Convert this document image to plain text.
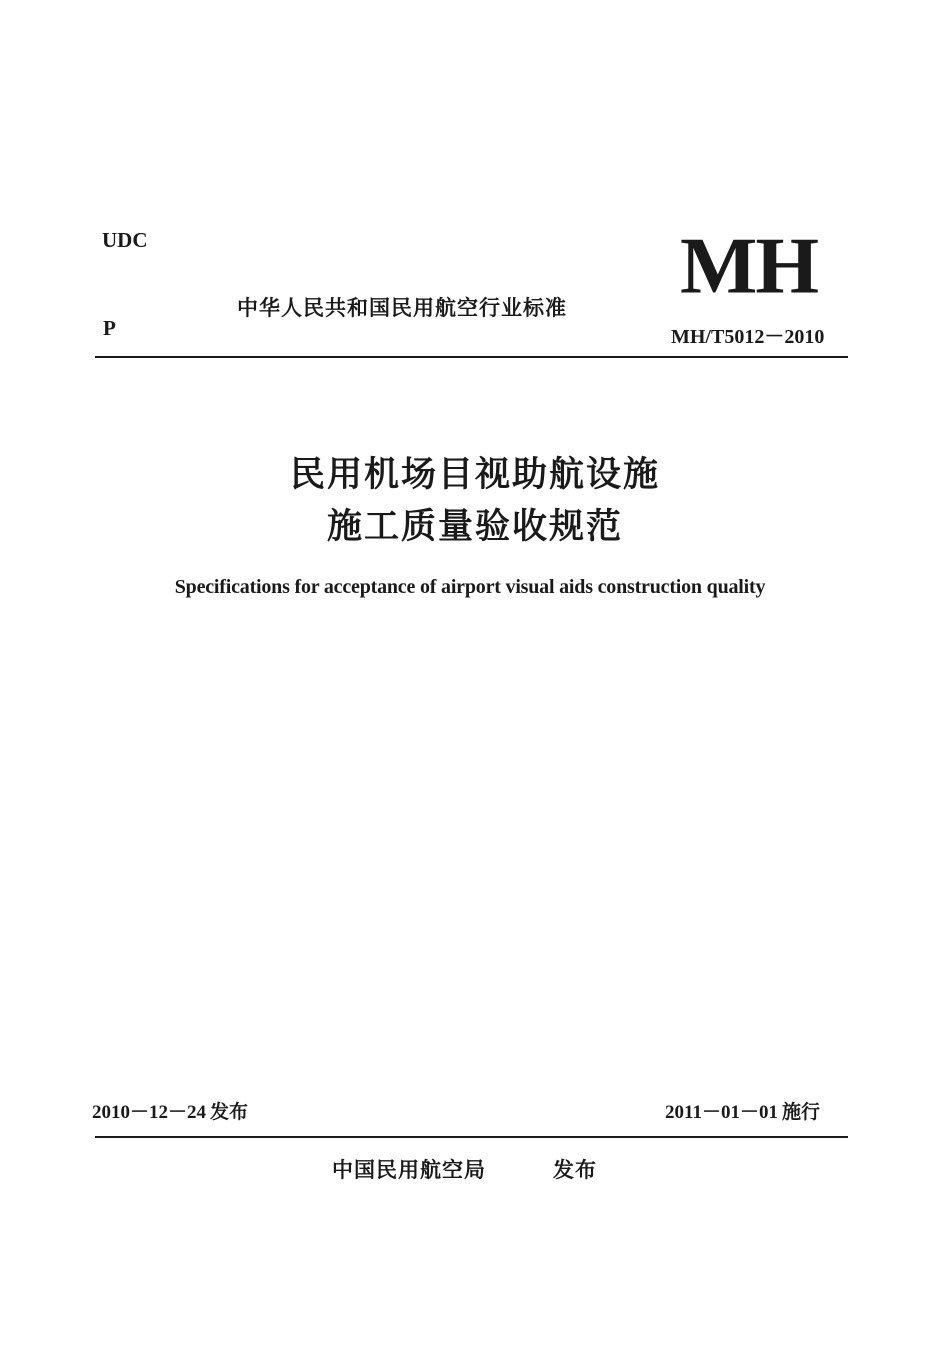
UDC
P
中华人民共和国民用航空行业标准 MH
MH/T5012－2010
民用机场目视助航设施
施工质量验收规范
Specifications for acceptance of airport visual aids construction quality
2010－12－24 发布	2011－01－01 施行
中国民用航空局	发布
